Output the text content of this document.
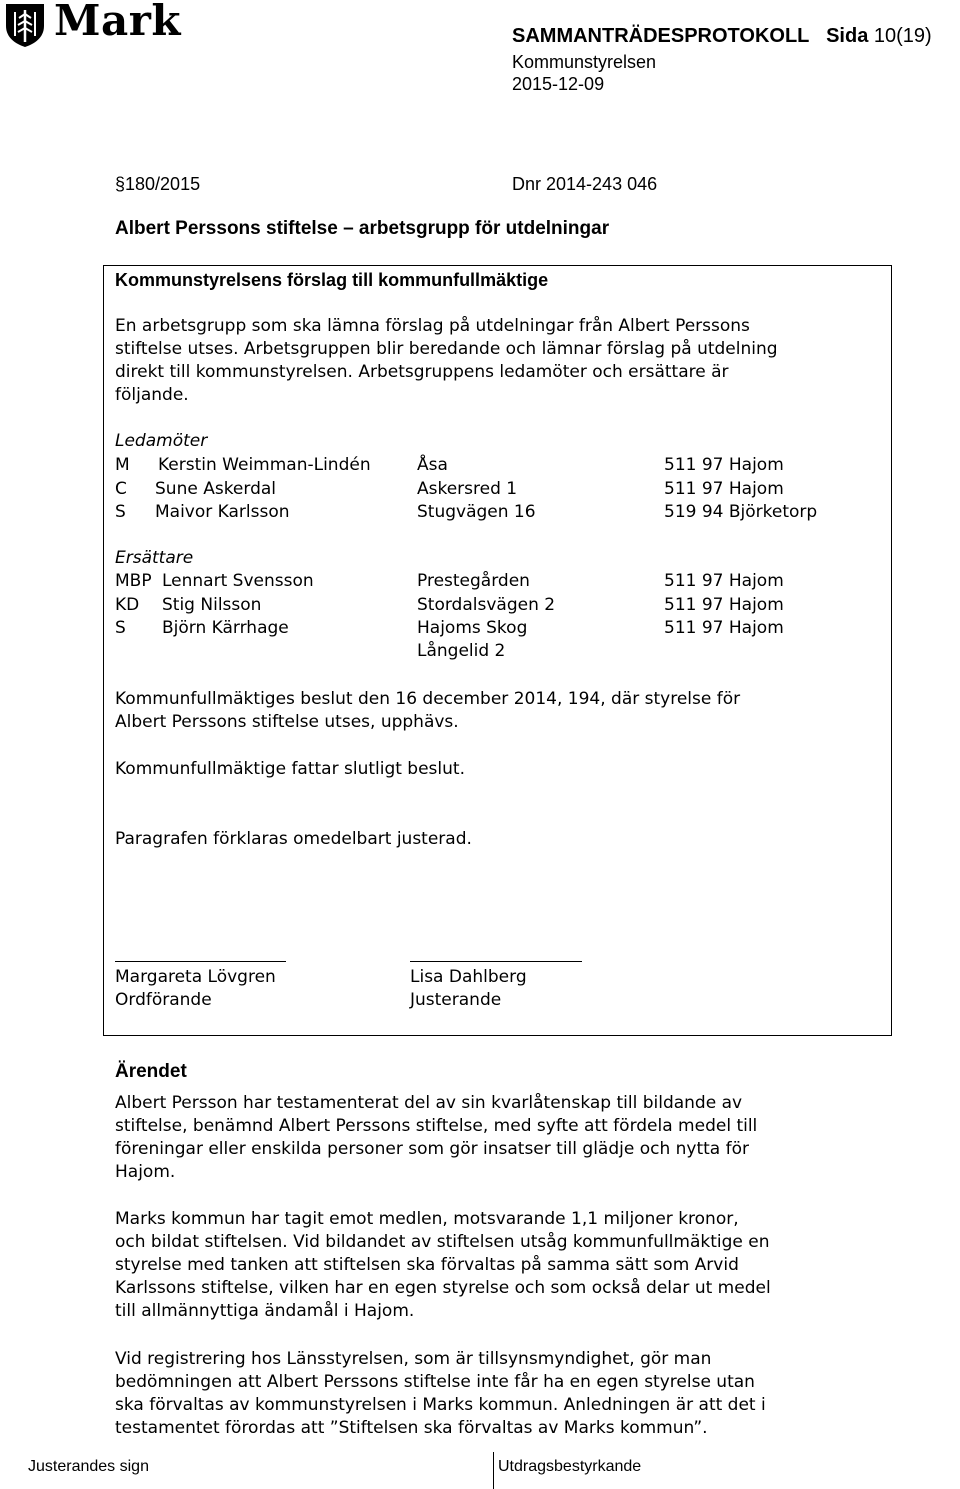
Mark	SAMMANTRÄDESPROTOKOLL Sida 10(19)
Kommunstyrelsen
2015-12-09
§180/2015	Dnr 2014-243 046
Albert Perssons stiftelse – arbetsgrupp för utdelningar
Kommunstyrelsens förslag till kommunfullmäktige
En arbetsgrupp som ska lämna förslag på utdelningar från Albert Perssons
stiftelse utses. Arbetsgruppen blir beredande och lämnar förslag på utdelning
direkt till kommunstyrelsen. Arbetsgruppens ledamöter och ersättare är
följande.
Ledamöter
M Kerstin Weimman-Lindén	Åsa	511 97 Hajom
C Sune Askerdal	Askersred 1	511 97 Hajom
S Maivor Karlsson	Stugvägen 16	519 94 Björketorp
Ersättare
MBP Lennart Svensson	Prestegården	511 97 Hajom
KD Stig Nilsson	Stordalsvägen 2	511 97 Hajom
S Björn Kärrhage	Hajoms Skog	511 97 Hajom
Långelid 2
Kommunfullmäktiges beslut den 16 december 2014, 194, där styrelse för
Albert Perssons stiftelse utses, upphävs.
Kommunfullmäktige fattar slutligt beslut.
Paragrafen förklaras omedelbart justerad.
Margareta Lövgren
Ordförande
Lisa Dahlberg
Justerande
Ärendet
Albert Persson har testamenterat del av sin kvarlåtenskap till bildande av
stiftelse, benämnd Albert Perssons stiftelse, med syfte att fördela medel till
föreningar eller enskilda personer som gör insatser till glädje och nytta för
Hajom.
Marks kommun har tagit emot medlen, motsvarande 1,1 miljoner kronor,
och bildat stiftelsen. Vid bildandet av stiftelsen utsåg kommunfullmäktige en
styrelse med tanken att stiftelsen ska förvaltas på samma sätt som Arvid
Karlssons stiftelse, vilken har en egen styrelse och som också delar ut medel
till allmännyttiga ändamål i Hajom.
Vid registrering hos Länsstyrelsen, som är tillsynsmyndighet, gör man
bedömningen att Albert Perssons stiftelse inte får ha en egen styrelse utan
ska förvaltas av kommunstyrelsen i Marks kommun. Anledningen är att det i
testamentet förordas att ”Stiftelsen ska förvaltas av Marks kommun”.
Justerandes sign	Utdragsbestyrkande
